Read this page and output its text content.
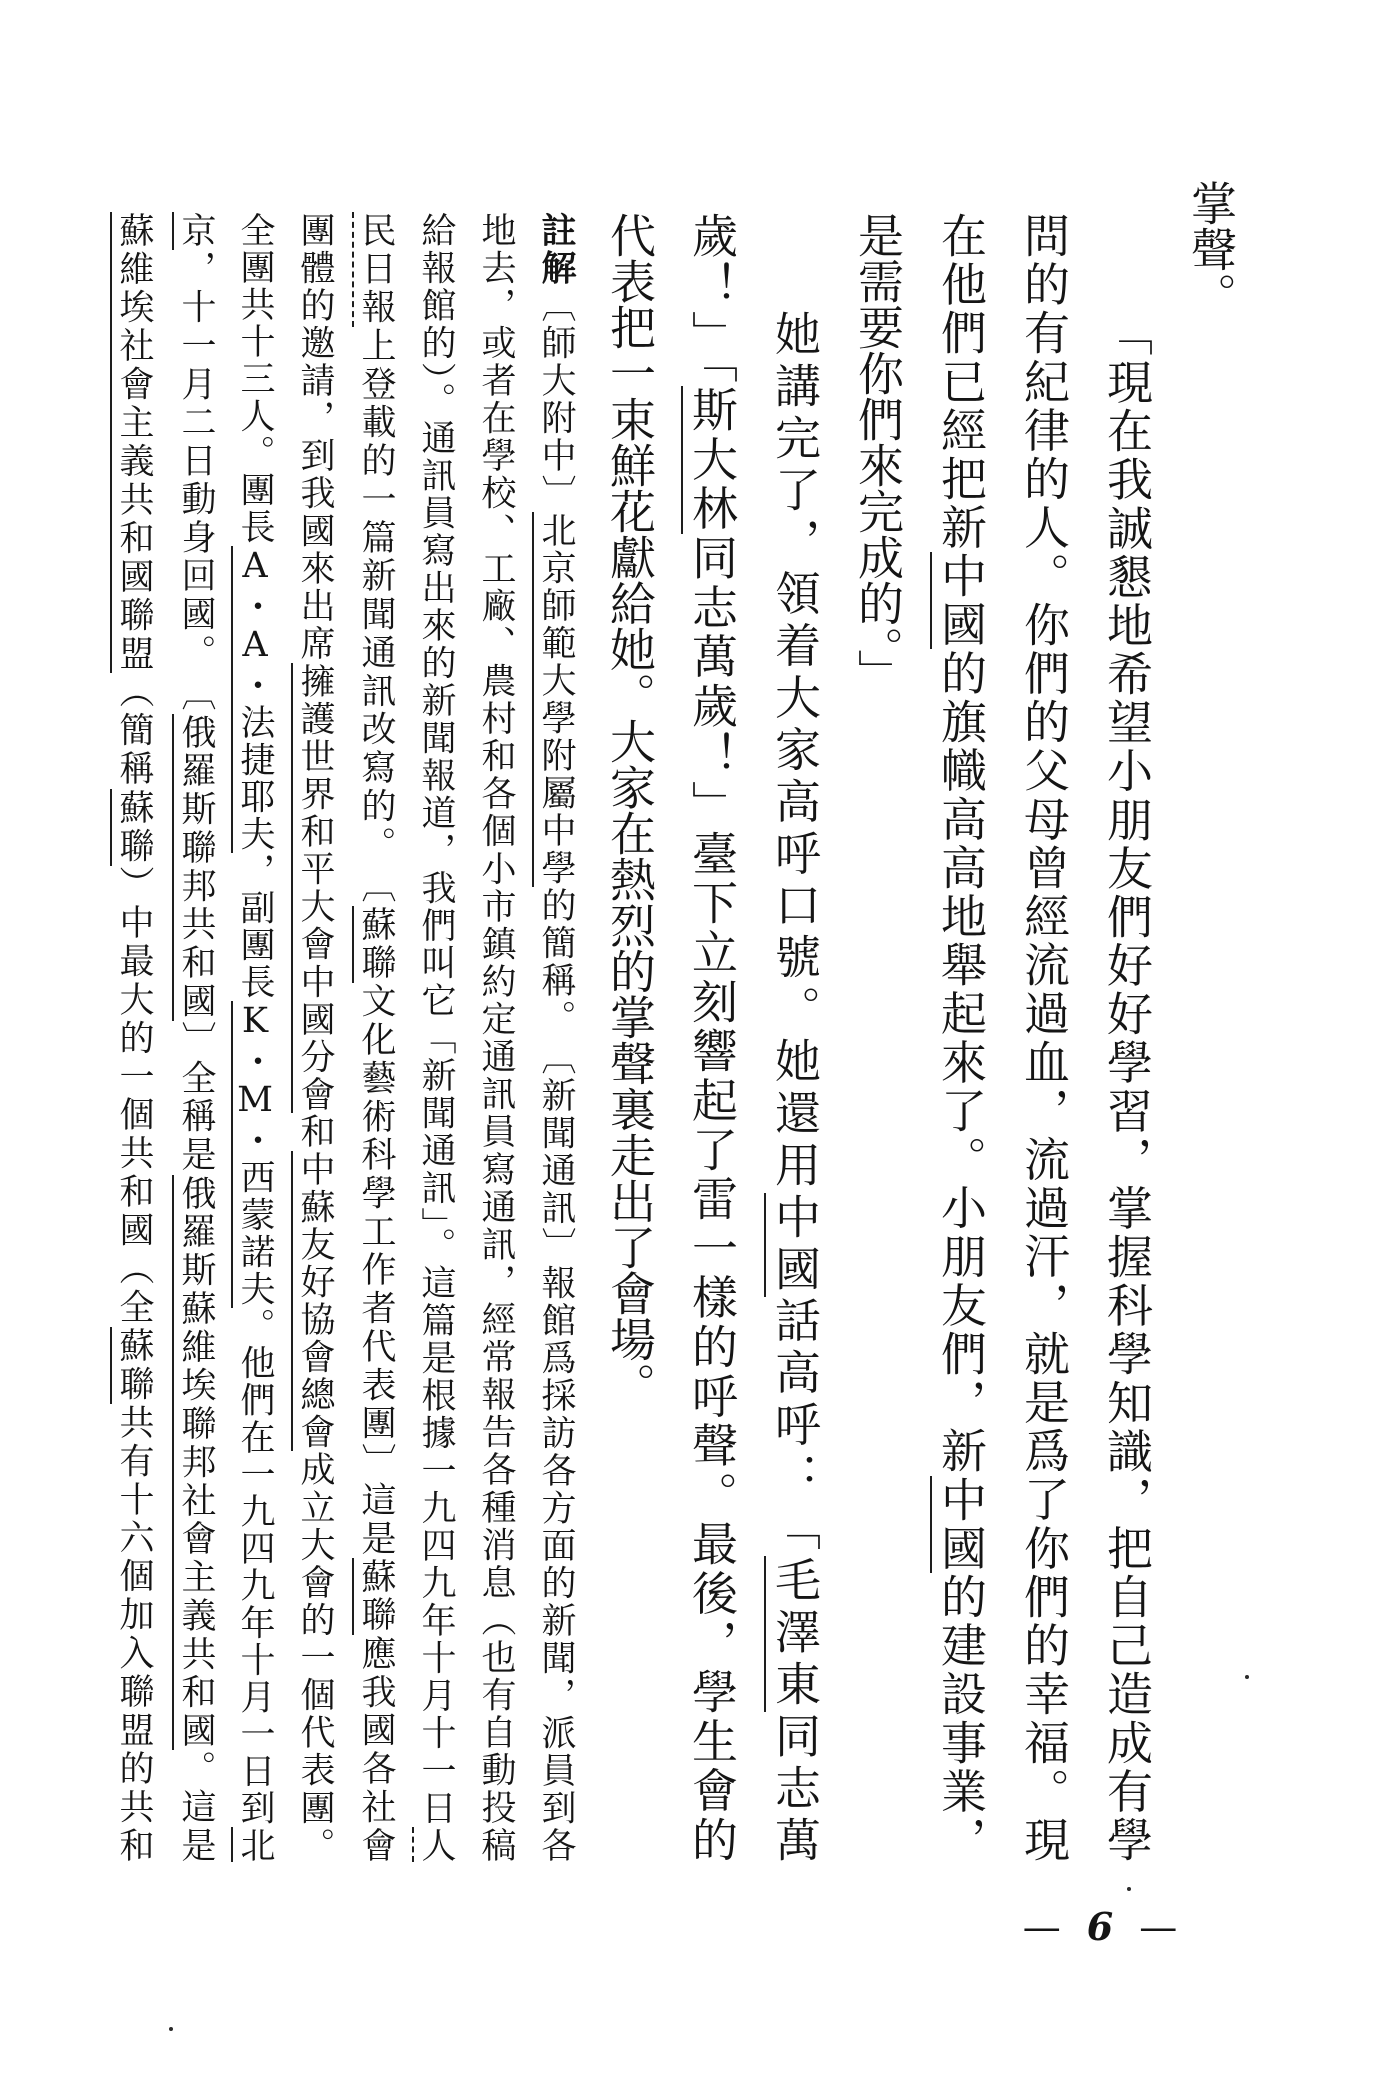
掌聲。
「現在我誠懇地希望小朋友們好好學習，掌握科學知識，把自己造成有學
問的有紀律的人。你們的父母曾經流過血，流過汗，就是爲了你們的幸福。現
在他們已經把新中國的旗幟高高地舉起來了。小朋友們，新中國的建設事業，
是需要你們來完成的。」
她講完了，領着大家高呼口號。她還用中國話高呼：「毛澤東同志萬
歲！」「斯大林同志萬歲！」臺下立刻響起了雷一樣的呼聲。最後，學生會的
代表把一束鮮花獻給她。大家在熱烈的掌聲裏走出了會場。
註解〔師大附中〕北京師範大學附屬中學的簡稱。　〔新聞通訊〕報館爲採訪各方面的新聞，派員到各
地去，或者在學校、工廠、農村和各個小市鎮約定通訊員寫通訊，經常報告各種消息（也有自動投稿
給報館的）。通訊員寫出來的新聞報道，我們叫它「新聞通訊」。這篇是根據一九四九年十月十一日人
民日報上登載的一篇新聞通訊改寫的。　〔蘇聯文化藝術科學工作者代表團〕這是蘇聯應我國各社會
團體的邀請，到我國來出席擁護世界和平大會中國分會和中蘇友好協會總會成立大會的一個代表團。
全團共十三人。團長A・A・法捷耶夫，副團長K・M・西蒙諾夫。他們在一九四九年十月一日到北
京，十一月二日動身回國。　〔俄羅斯聯邦共和國〕全稱是俄羅斯蘇維埃聯邦社會主義共和國。這是
蘇維埃社會主義共和國聯盟（簡稱蘇聯）中最大的一個共和國（全蘇聯共有十六個加入聯盟的共和
— 6 —
